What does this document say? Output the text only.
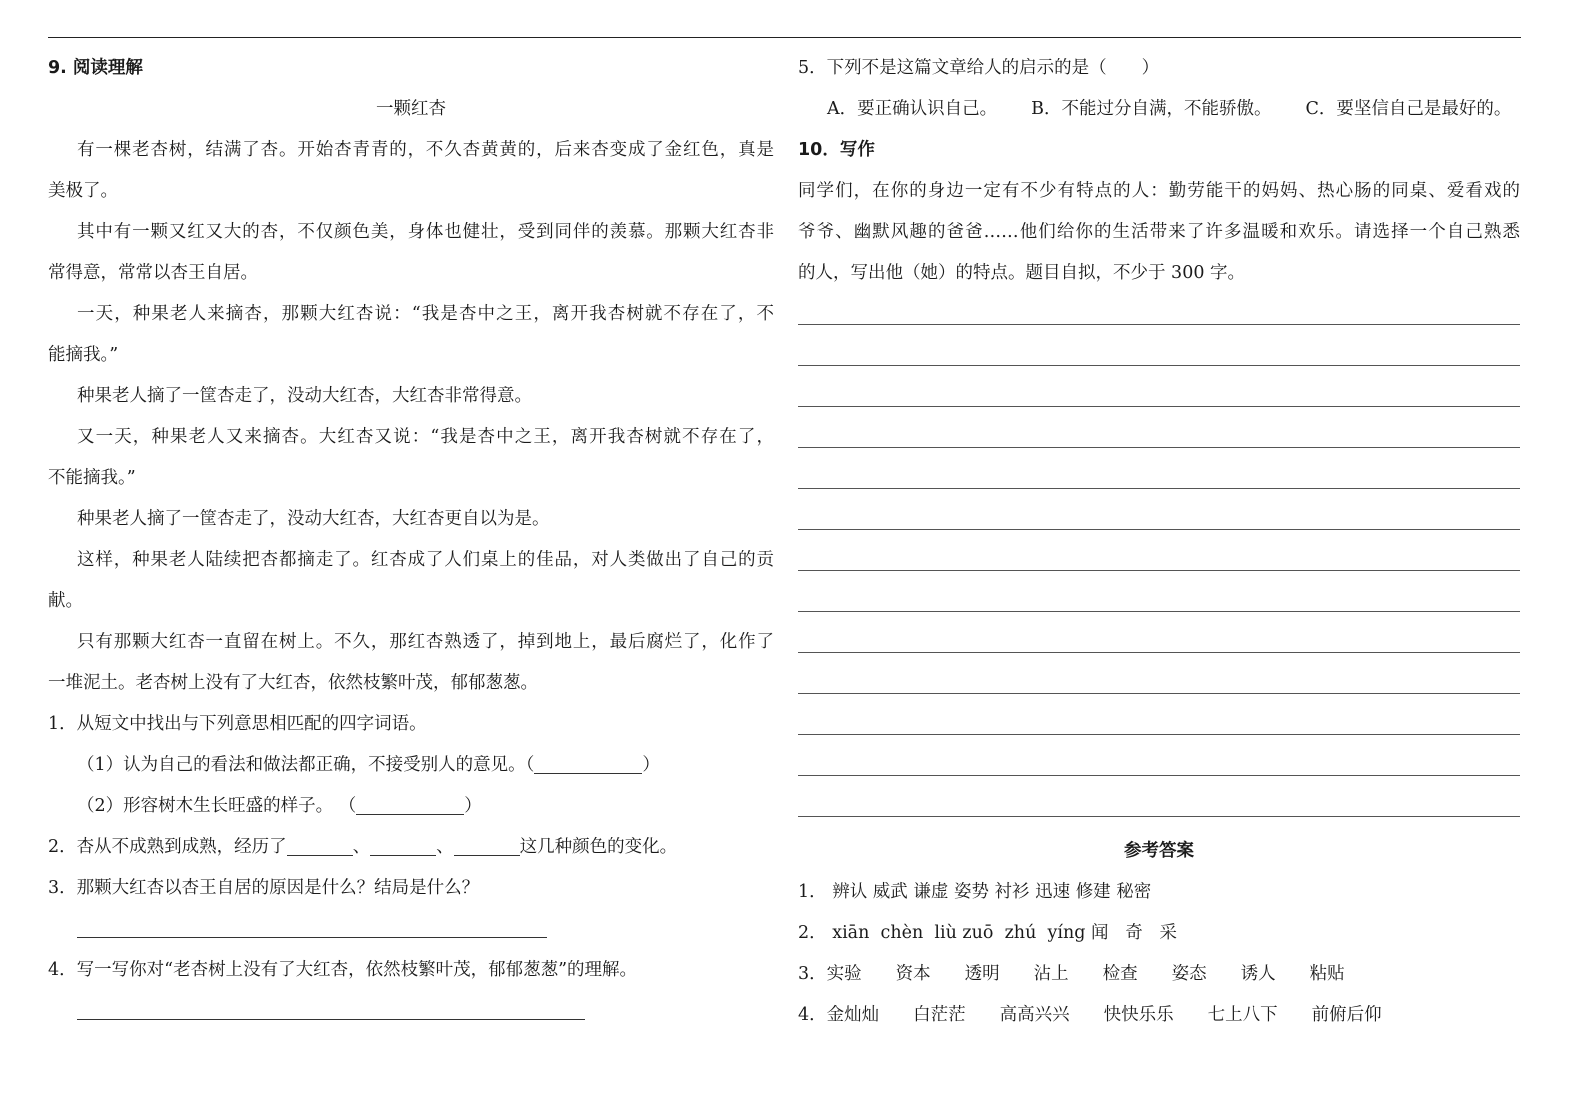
9. 阅读理解
一颗红杏
有一棵老杏树，结满了杏。开始杏青青的，不久杏黄黄的，后来杏变成了金红色，真是
美极了。
其中有一颗又红又大的杏，不仅颜色美，身体也健壮，受到同伴的羡慕。那颗大红杏非
常得意，常常以杏王自居。
一天，种果老人来摘杏，那颗大红杏说：“我是杏中之王，离开我杏树就不存在了，不
能摘我。”
种果老人摘了一筐杏走了，没动大红杏，大红杏非常得意。
又一天，种果老人又来摘杏。大红杏又说：“我是杏中之王，离开我杏树就不存在了，
不能摘我。”
种果老人摘了一筐杏走了，没动大红杏，大红杏更自以为是。
这样，种果老人陆续把杏都摘走了。红杏成了人们桌上的佳品，对人类做出了自己的贡
献。
只有那颗大红杏一直留在树上。不久，那红杏熟透了，掉到地上，最后腐烂了，化作了
一堆泥土。老杏树上没有了大红杏，依然枝繁叶茂，郁郁葱葱。
1．从短文中找出与下列意思相匹配的四字词语。
（1）认为自己的看法和做法都正确，不接受别人的意见。（	）
（2）形容树木生长旺盛的样子。 （	）
2．杏从不成熟到成熟，经历了	、	、	这几种颜色的变化。
3．那颗大红杏以杏王自居的原因是什么？结局是什么？
4．写一写你对“老杏树上没有了大红杏，依然枝繁叶茂，郁郁葱葱”的理解。
5．下列不是这篇文章给人的启示的是（　　）
A．要正确认识自己。 B．不能过分自满，不能骄傲。 C．要坚信自己是最好的。
10．写作
同学们，在你的身边一定有不少有特点的人：勤劳能干的妈妈、热心肠的同桌、爱看戏的
爷爷、幽默风趣的爸爸……他们给你的生活带来了许多温暖和欢乐。请选择一个自己熟悉
的人，写出他（她）的特点。题目自拟，不少于 300 字。
参考答案
1． 辨认 威武 谦虚 姿势 衬衫 迅速 修建 秘密
2． xiān chèn liù zuō zhú yíng 闻 奇 采
3．实验 资本 透明 沾上 检查 姿态 诱人 粘贴
4．金灿灿 白茫茫 高高兴兴 快快乐乐 七上八下 前俯后仰
